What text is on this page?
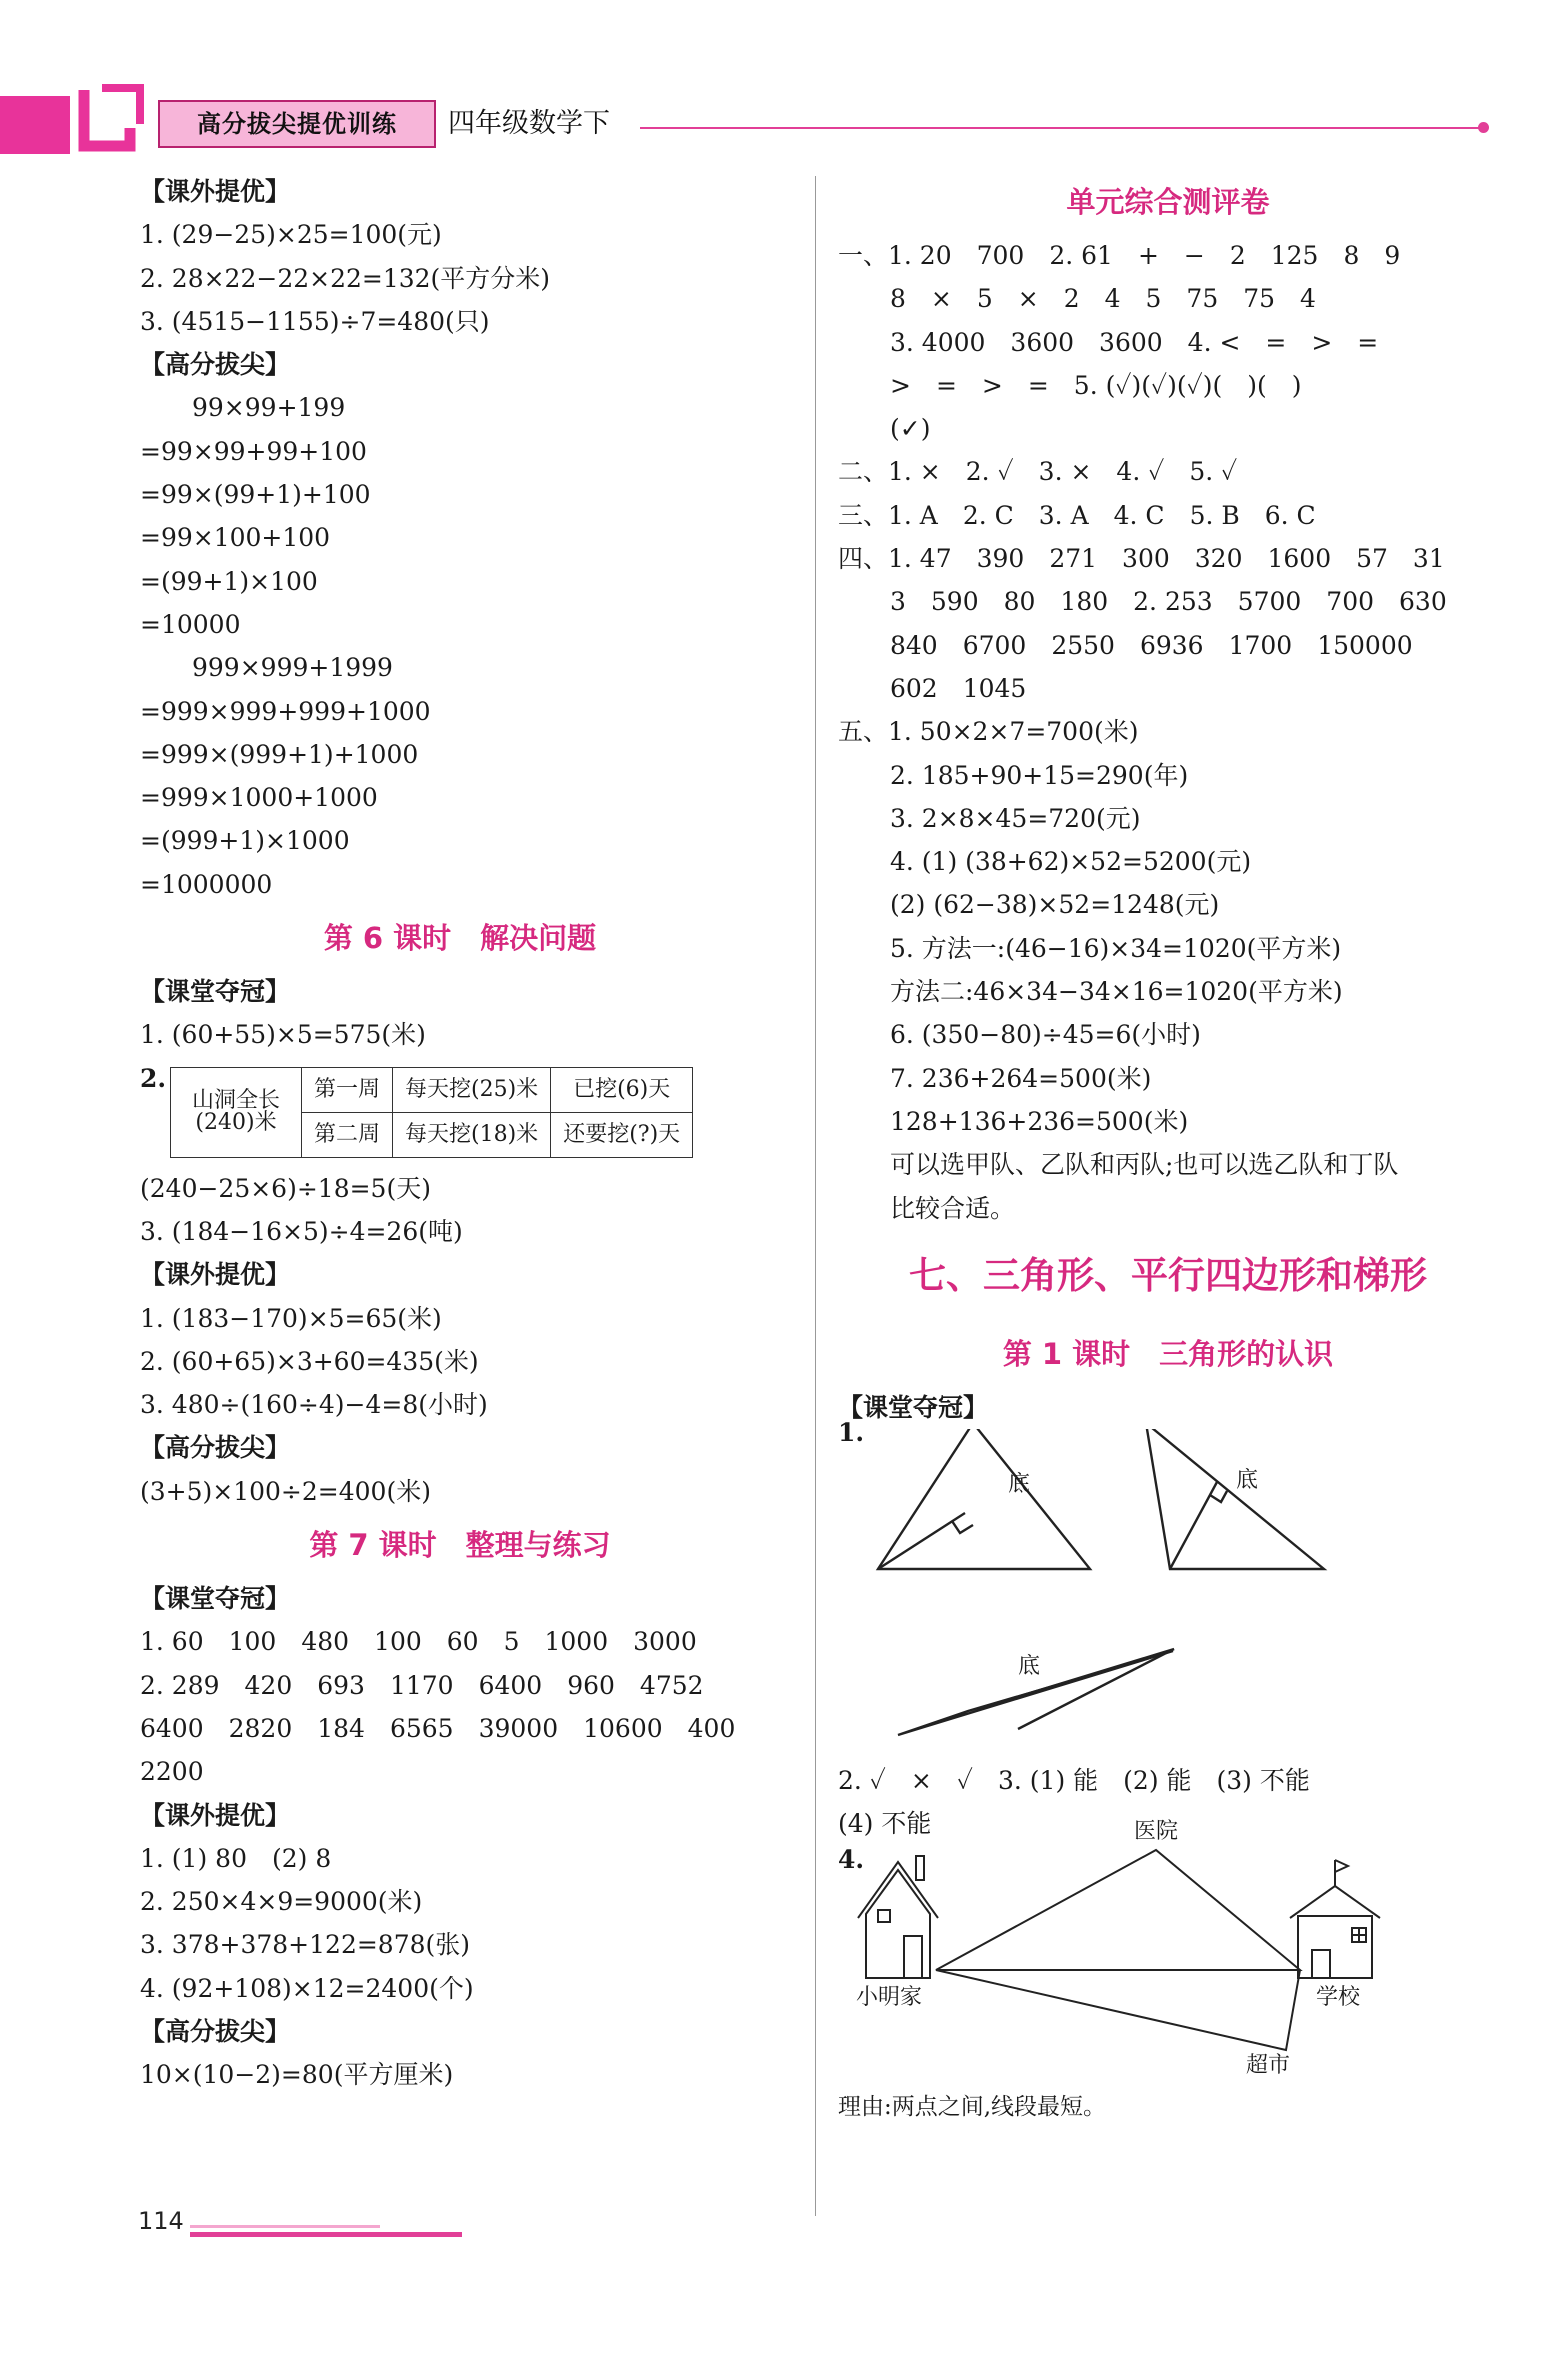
高分拔尖提优训练	四年级数学下
【课外提优】
1. (29−25)×25=100(元)
2. 28×22−22×22=132(平方分米)
3. (4515−1155)÷7=480(只)
【高分拔尖】
99×99+199
=99×99+99+100
=99×(99+1)+100
=99×100+100
=(99+1)×100
=10000
999×999+1999
=999×999+999+1000
=999×(999+1)+1000
=999×1000+1000
=(999+1)×1000
=1000000
第 6 课时　解决问题
【课堂夺冠】
1. (60+55)×5=575(米)
2.
山洞全长
(240)米	第一周	每天挖(25)米	已挖(6)天
	第二周	每天挖(18)米	还要挖(?)天
(240−25×6)÷18=5(天)
3. (184−16×5)÷4=26(吨)
【课外提优】
1. (183−170)×5=65(米)
2. (60+65)×3+60=435(米)
3. 480÷(160÷4)−4=8(小时)
【高分拔尖】
(3+5)×100÷2=400(米)
第 7 课时　整理与练习
【课堂夺冠】
1. 60　100　480　100　60　5　1000　3000
2. 289　420　693　1170　6400　960　4752
6400　2820　184　6565　39000　10600　400
2200
【课外提优】
1. (1) 80　(2) 8
2. 250×4×9=9000(米)
3. 378+378+122=878(张)
4. (92+108)×12=2400(个)
【高分拔尖】
10×(10−2)=80(平方厘米)
单元综合测评卷
一、1. 20　700　2. 61　+　−　2　125　8　9
8　×　5　×　2　4　5　75　75　4
3. 4000　3600　3600　4. <　=　>　=
>　=　>　=　5. (✓)(✓)(✓)(　)(　)
(✓)
二、1. ×　2. ✓　3. ×　4. ✓　5. ✓
三、1. A　2. C　3. A　4. C　5. B　6. C
四、1. 47　390　271　300　320　1600　57　31
3　590　80　180　2. 253　5700　700　630
840　6700　2550　6936　1700　150000
602　1045
五、1. 50×2×7=700(米)
2. 185+90+15=290(年)
3. 2×8×45=720(元)
4. (1) (38+62)×52=5200(元)
(2) (62−38)×52=1248(元)
5. 方法一:(46−16)×34=1020(平方米)
方法二:46×34−34×16=1020(平方米)
6. (350−80)÷45=6(小时)
7. 236+264=500(米)
128+136+236=500(米)
可以选甲队、乙队和丙队;也可以选乙队和丁队
比较合适。
七、三角形、平行四边形和梯形
第 1 课时　三角形的认识
【课堂夺冠】
1.
底	底
底
2. ✓　×　✓　3. (1) 能　(2) 能　(3) 不能
(4) 不能
4.
医院
小明家	学校
超市
理由:两点之间,线段最短。
114
